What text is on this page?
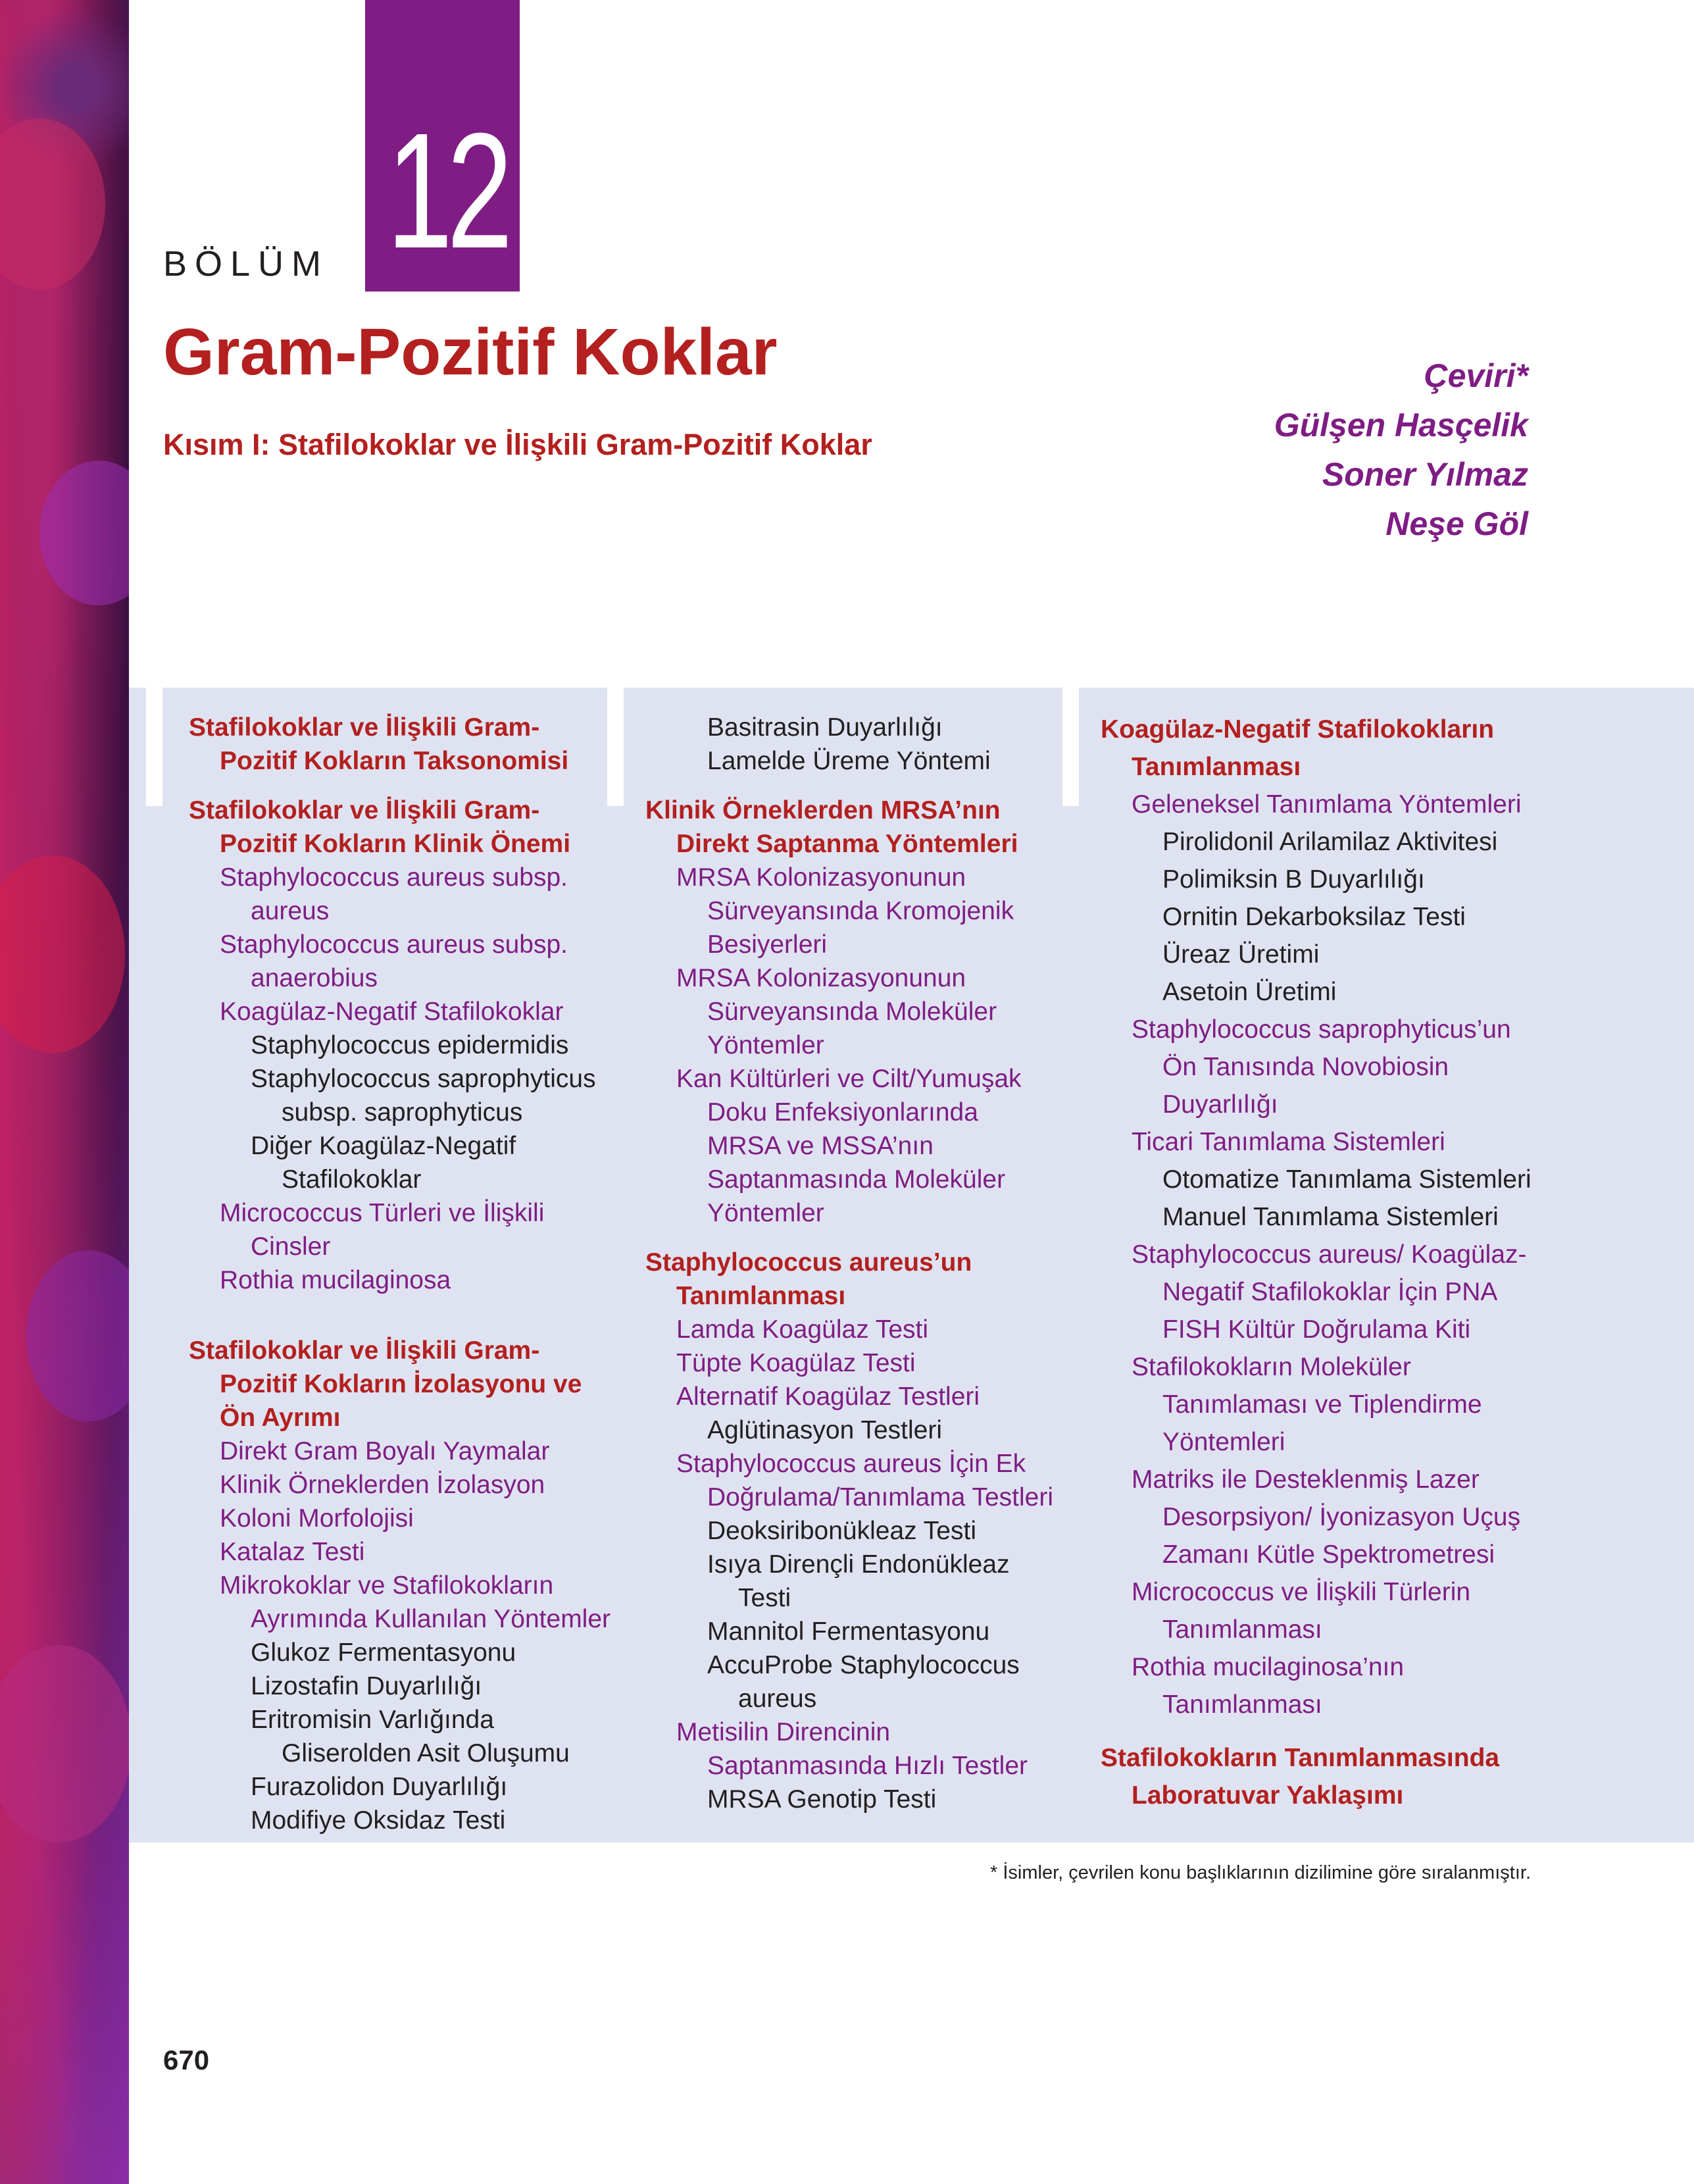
12
BÖLÜM
Gram-Pozitif Koklar
Kısım I: Stafilokoklar ve İlişkili Gram-Pozitif Koklar
Çeviri*
Gülşen Hasçelik
Soner Yılmaz
Neşe Göl
Stafilokoklar ve İlişkili Gram-Pozitif Kokların Taksonomisi
Stafilokoklar ve İlişkili Gram-Pozitif Kokların Klinik Önemi
Staphylococcus aureus subsp. aureus
Staphylococcus aureus subsp. anaerobius
Koagülaz-Negatif Stafilokoklar
Staphylococcus epidermidis
Staphylococcus saprophyticus subsp. saprophyticus
Diğer Koagülaz-Negatif Stafilokoklar
Micrococcus Türleri ve İlişkili Cinsler
Rothia mucilaginosa
Stafilokoklar ve İlişkili Gram-Pozitif Kokların İzolasyonu ve Ön Ayrımı
Direkt Gram Boyalı Yaymalar
Klinik Örneklerden İzolasyon
Koloni Morfolojisi
Katalaz Testi
Mikrokoklar ve Stafilokokların Ayrımında Kullanılan Yöntemler
Glukoz Fermentasyonu
Lizostafin Duyarlılığı
Eritromisin Varlığında Gliserolden Asit Oluşumu
Furazolidon Duyarlılığı
Modifiye Oksidaz Testi
Basitrasin Duyarlılığı
Lamelde Üreme Yöntemi
Klinik Örneklerden MRSA’nın Direkt Saptanma Yöntemleri
MRSA Kolonizasyonunun Sürveyansında Kromojenik Besiyerleri
MRSA Kolonizasyonunun Sürveyansında Moleküler Yöntemler
Kan Kültürleri ve Cilt/Yumuşak Doku Enfeksiyonlarında MRSA ve MSSA’nın Saptanmasında Moleküler Yöntemler
Staphylococcus aureus’un Tanımlanması
Lamda Koagülaz Testi
Tüpte Koagülaz Testi
Alternatif Koagülaz Testleri
Aglütinasyon Testleri
Staphylococcus aureus İçin Ek Doğrulama/Tanımlama Testleri
Deoksiribonükleaz Testi
Isıya Dirençli Endonükleaz Testi
Mannitol Fermentasyonu
AccuProbe Staphylococcus aureus
Metisilin Direncinin Saptanmasında Hızlı Testler
MRSA Genotip Testi
Koagülaz-Negatif Stafilokokların Tanımlanması
Geleneksel Tanımlama Yöntemleri
Pirolidonil Arilamilaz Aktivitesi
Polimiksin B Duyarlılığı
Ornitin Dekarboksilaz Testi
Üreaz Üretimi
Asetoin Üretimi
Staphylococcus saprophyticus’un Ön Tanısında Novobiosin Duyarlılığı
Ticari Tanımlama Sistemleri
Otomatize Tanımlama Sistemleri
Manuel Tanımlama Sistemleri
Staphylococcus aureus/ Koagülaz-Negatif Stafilokoklar İçin PNA FISH Kültür Doğrulama Kiti
Stafilokokların Moleküler Tanımlaması ve Tiplendirme Yöntemleri
Matriks ile Desteklenmiş Lazer Desorpsiyon/ İyonizasyon Uçuş Zamanı Kütle Spektrometresi
Micrococcus ve İlişkili Türlerin Tanımlanması
Rothia mucilaginosa’nın Tanımlanması
Stafilokokların Tanımlanmasında Laboratuvar Yaklaşımı
* İsimler, çevrilen konu başlıklarının dizilimine göre sıralanmıştır.
670
